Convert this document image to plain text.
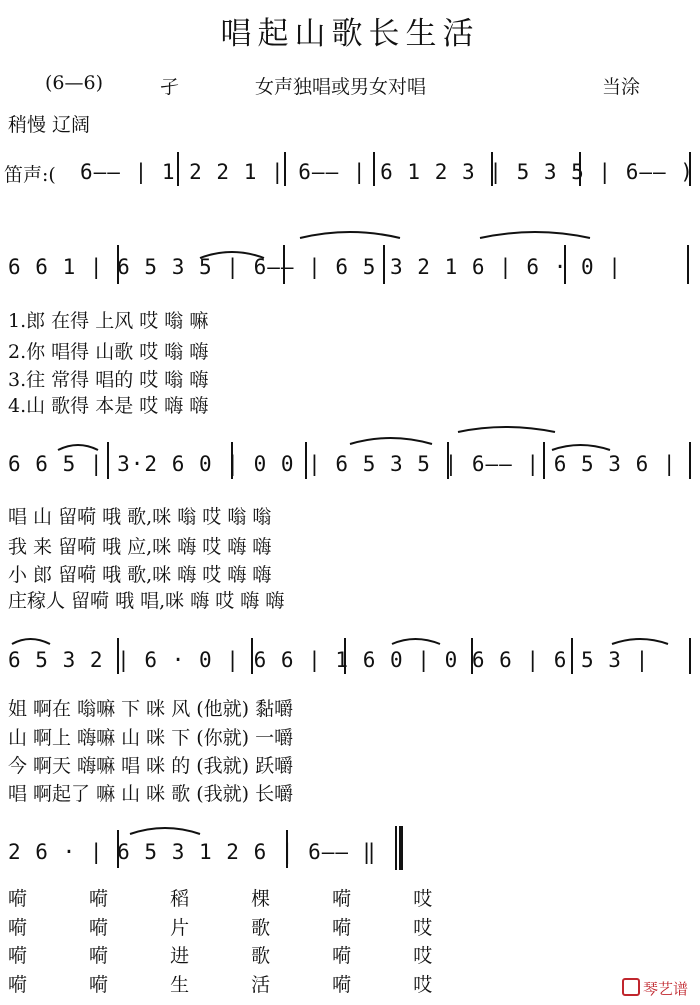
唱起山歌长生活
(6—6)	孑	女声独唱或男女对唱	当涂
稍慢 辽阔
笛声:( 6—— | 1 2 2 1 | 6—— | 6 1 2 3 | 5 3 5 | 6—— )
6 6 1 | 6 5 3 5 | 6—— | 6 5 3 2 1 6 | 6 · 0 |
1.郎 在得 上风 哎 嗡 嘛
2.你 唱得 山歌 哎 嗡 嗨
3.往 常得 唱的 哎 嗡 嗨
4.山 歌得 本是 哎 嗨 嗨
6 6 5 | 3·2 6 0 | 0 0 | 6 5 3 5 | 6—— | 6 5 3 6 |
唱 山 留嗬 哦 歌,咪 嗡 哎 嗡 嗡
我 来 留嗬 哦 应,咪 嗨 哎 嗨 嗨
小 郎 留嗬 哦 歌,咪 嗨 哎 嗨 嗨
庄稼人 留嗬 哦 唱,咪 嗨 哎 嗨 嗨
6 5 3 2 | 6 · 0 | 6 6 | 1 6 0 | 0 6 6 | 6 5 3 |
姐 啊在 嗡嘛 下 咪 风 (他就) 黏嚼
山 啊上 嗨嘛 山 咪 下 (你就) 一嚼
今 啊天 嗨嘛 唱 咪 的 (我就) 跃嚼
唱 啊起了 嘛 山 咪 歌 (我就) 长嚼
2 6 · | 6 5 3 1 2 6 | 6—— ‖
嗬 嗬 稻 棵 嗬 哎
嗬 嗬 片 歌 嗬 哎
嗬 嗬 进 歌 嗬 哎
嗬 嗬 生 活 嗬 哎	琴艺谱
